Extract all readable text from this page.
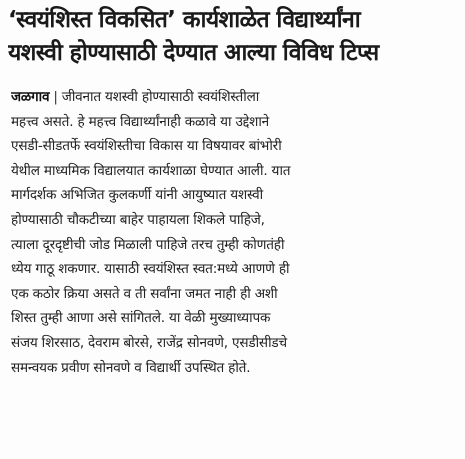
‘स्वयंशिस्त विकसित’ कार्यशाळेत विद्यार्थ्यांना
यशस्वी होण्यासाठी देण्यात आल्या विविध टिप्स
जळगाव | जीवनात यशस्वी होण्यासाठी स्वयंशिस्तीला
महत्त्व असते. हे महत्त्व विद्यार्थ्यांनाही कळावे या उद्देशाने
एसडी-सीडतर्फे स्वयंशिस्तीचा विकास या विषयावर बांभोरी
येथील माध्यमिक विद्यालयात कार्यशाळा घेण्यात आली. यात
मार्गदर्शक अभिजित कुलकर्णी यांनी आयुष्यात यशस्वी
होण्यासाठी चौकटीच्या बाहेर पाहायला शिकले पाहिजे,
त्याला दूरदृष्टीची जोड मिळाली पाहिजे तरच तुम्ही कोणतंही
ध्येय गाठू शकणार. यासाठी स्वयंशिस्त स्वत:मध्ये आणणे ही
एक कठोर क्रिया असते व ती सर्वांना जमत नाही ही अशी
शिस्त तुम्ही आणा असे सांगितले. या वेळी मुख्याध्यापक
संजय शिरसाठ, देवराम बोरसे, राजेंद्र सोनवणे, एसडीसीडचे
समन्वयक प्रवीण सोनवणे व विद्यार्थी उपस्थित होते.
